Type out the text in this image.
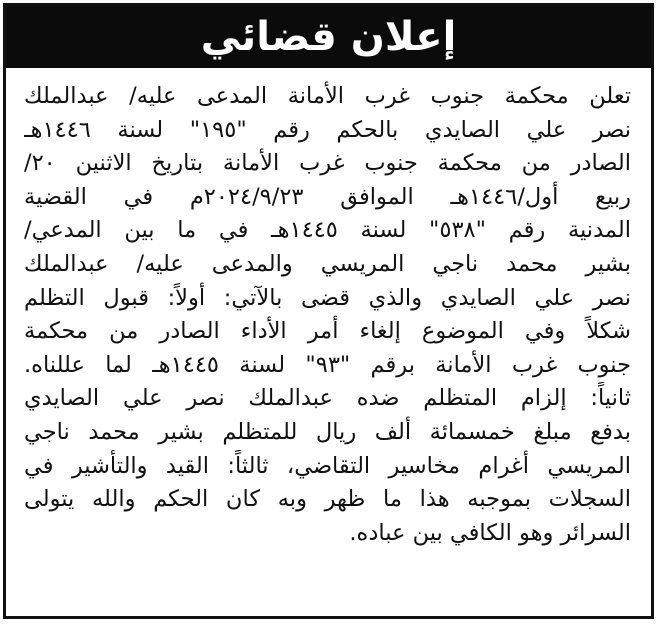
إعلان قضائي
تعلن محكمة جنوب غرب الأمانة المدعى عليه/ عبدالملك
نصر علي الصايدي بالحكم رقم "١٩٥" لسنة ١٤٤٦هـ
الصادر من محكمة جنوب غرب الأمانة بتاريخ الاثنين ٢٠/
ربيع أول/١٤٤٦هـ الموافق ٢٠٢٤/٩/٢٣م في القضية
المدنية رقم "٥٣٨" لسنة ١٤٤٥هـ في ما بين المدعي/
بشير محمد ناجي المريسي والمدعى عليه/ عبدالملك
نصر علي الصايدي والذي قضى بالآتي: أولاً: قبول التظلم
شكلاً وفي الموضوع إلغاء أمر الأداء الصادر من محكمة
جنوب غرب الأمانة برقم "٩٣" لسنة ١٤٤٥هـ لما عللناه.
ثانياً: إلزام المتظلم ضده عبدالملك نصر علي الصايدي
بدفع مبلغ خمسمائة ألف ريال للمتظلم بشير محمد ناجي
المريسي أغرام مخاسير التقاضي، ثالثاً: القيد والتأشير في
السجلات بموجبه هذا ما ظهر وبه كان الحكم والله يتولى
السرائر وهو الكافي بين عباده.
